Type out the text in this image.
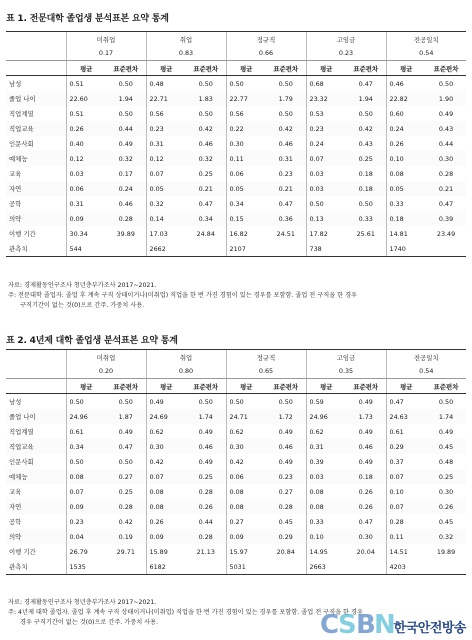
표 1. 전문대학 졸업생 분석표본 요약 통계
	미취업		취업		정규직		고임금		전공일치	
	0.17		0.83		0.66		0.23		0.54	
	평균	표준편차	평균	표준편차	평균	표준편차	평균	표준편차	평균	표준편차
남성	0.51	0.50	0.48	0.50	0.50	0.50	0.68	0.47	0.46	0.50
졸업 나이	22.60	1.94	22.71	1.83	22.77	1.79	23.32	1.94	22.82	1.90
직업계열	0.51	0.50	0.56	0.50	0.56	0.50	0.53	0.50	0.60	0.49
직업교육	0.26	0.44	0.23	0.42	0.22	0.42	0.23	0.42	0.24	0.43
인문사회	0.40	0.49	0.31	0.46	0.30	0.46	0.24	0.43	0.26	0.44
예체능	0.12	0.32	0.12	0.32	0.11	0.31	0.07	0.25	0.10	0.30
교육	0.03	0.17	0.07	0.25	0.06	0.23	0.03	0.18	0.08	0.28
자연	0.06	0.24	0.05	0.21	0.05	0.21	0.03	0.18	0.05	0.21
공학	0.31	0.46	0.32	0.47	0.34	0.47	0.50	0.50	0.33	0.47
의약	0.09	0.28	0.14	0.34	0.15	0.36	0.13	0.33	0.18	0.39
이행 기간	30.34	39.89	17.03	24.84	16.82	24.51	17.82	25.61	14.81	23.49
관측치	544		2662		2107		738		1740	
자료: 경제활동인구조사 청년층부가조사 2017~2021.
주: 전문대학 졸업자. 졸업 후 계속 구직 상태이거나(미취업) 직업을 한 번 가진 경험이 있는 경우를 포함함. 졸업 전 구직을 한 경우
구직기간이 없는 것(0)으로 간주. 가중치 사용.
표 2. 4년제 대학 졸업생 분석표본 요약 통계
	미취업		취업		정규직		고임금		전공일치	
	0.20		0.80		0.65		0.35		0.54	
	평균	표준편차	평균	표준편차	평균	표준편차	평균	표준편차	평균	표준편차
남성	0.50	0.50	0.49	0.50	0.50	0.50	0.59	0.49	0.47	0.50
졸업 나이	24.96	1.87	24.69	1.74	24.71	1.72	24.96	1.73	24.63	1.74
직업계열	0.61	0.49	0.62	0.49	0.62	0.49	0.62	0.49	0.61	0.49
직업교육	0.34	0.47	0.30	0.46	0.30	0.46	0.31	0.46	0.29	0.45
인문사회	0.50	0.50	0.42	0.49	0.42	0.49	0.39	0.49	0.37	0.48
예체능	0.08	0.27	0.07	0.25	0.06	0.23	0.03	0.18	0.07	0.25
교육	0.07	0.25	0.08	0.28	0.08	0.27	0.08	0.26	0.10	0.30
자연	0.09	0.28	0.08	0.26	0.08	0.28	0.08	0.26	0.07	0.26
공학	0.23	0.42	0.26	0.44	0.27	0.45	0.33	0.47	0.28	0.45
의약	0.04	0.19	0.09	0.28	0.09	0.29	0.10	0.30	0.11	0.32
이행 기간	26.79	29.71	15.89	21.13	15.97	20.84	14.95	20.04	14.51	19.89
관측치	1535		6182		5031		2663		4203	
자료: 경제활동인구조사 청년층부가조사 2017~2021.
주: 4년제 대학 졸업자. 졸업 후 계속 구직 상태이거나(미취업) 직업을 한 번 가진 경험이 있는 경우를 포함함. 졸업 전 구직을 한 경우
경우 구직기간이 없는 것(0)으로 간주. 가중치 사용.	C
S B
N
한국안전방송
